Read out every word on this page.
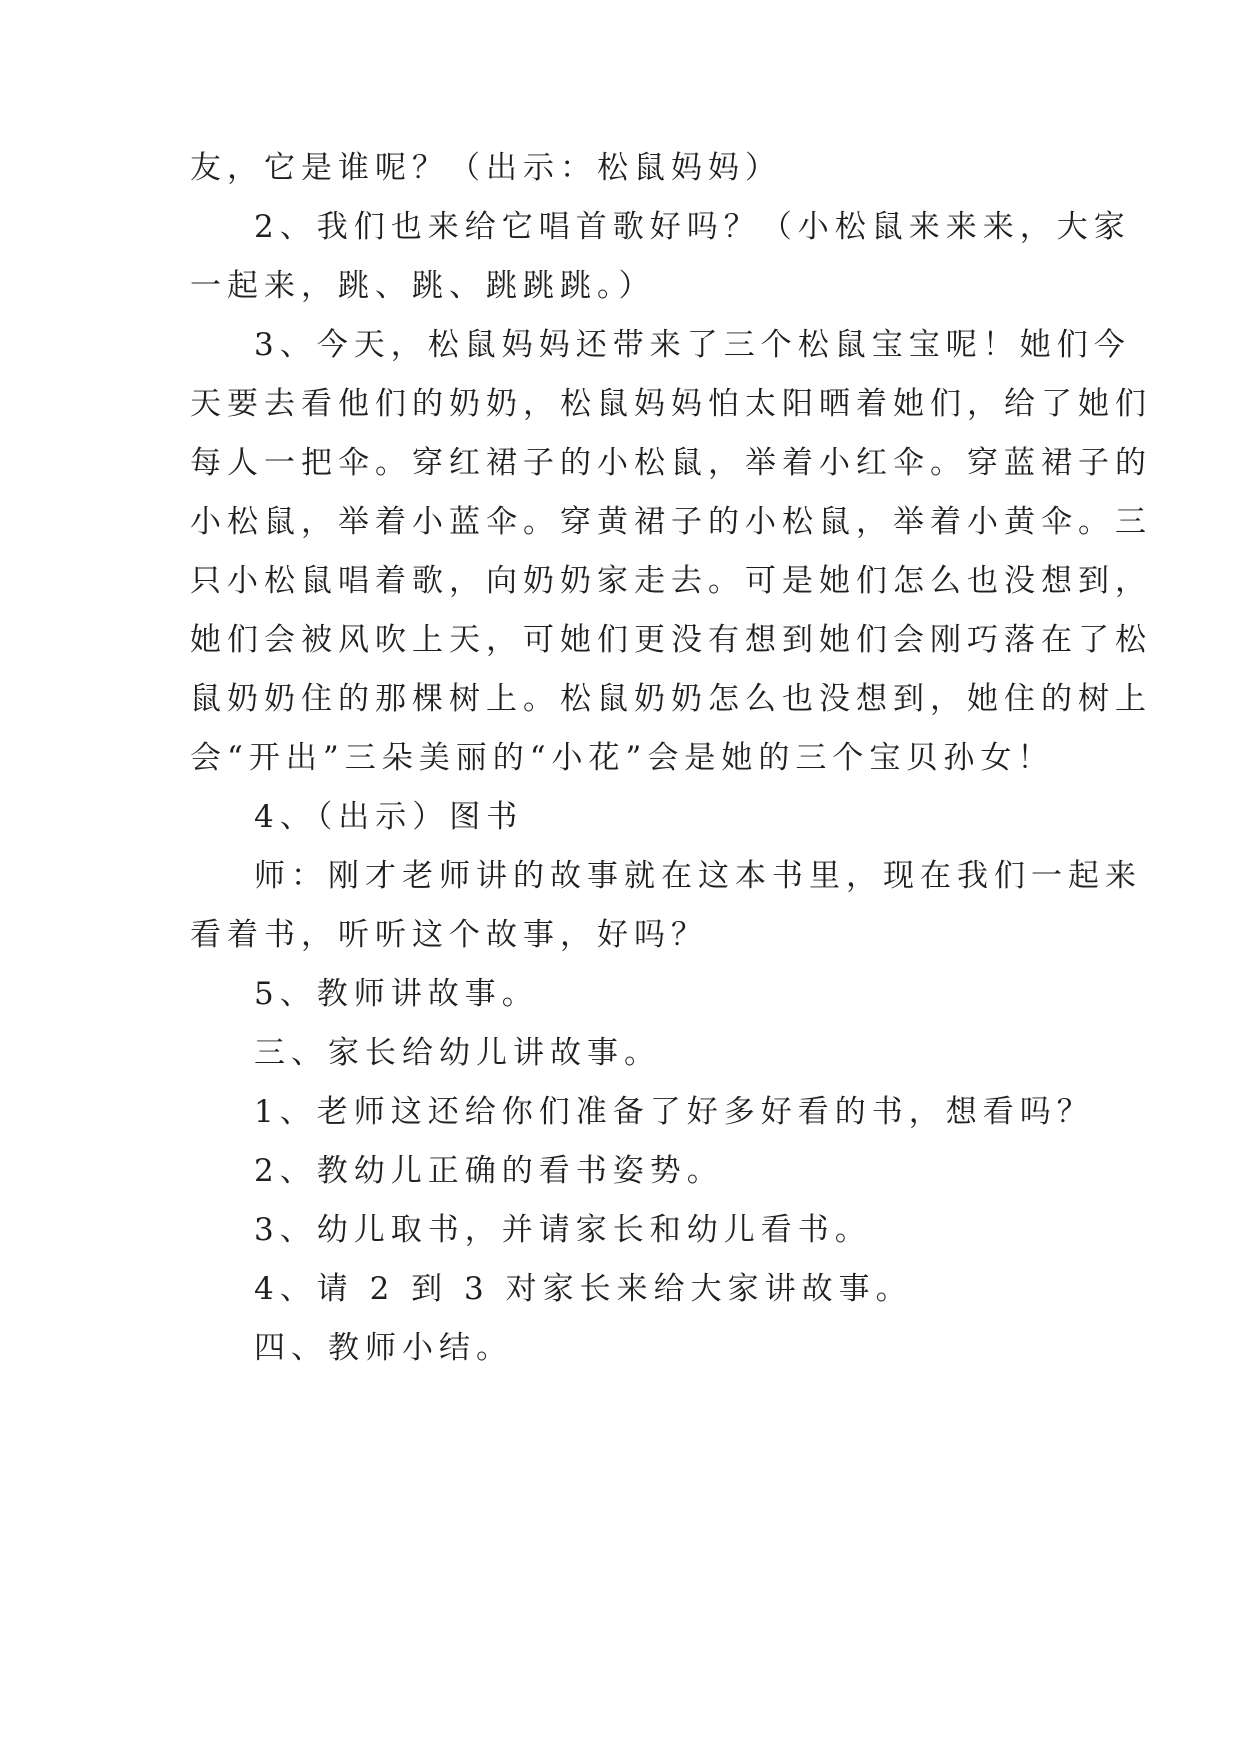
友，它是谁呢？（出示：松鼠妈妈）
2、我们也来给它唱首歌好吗？（小松鼠来来来，大家
一起来，跳、跳、跳跳跳。）
3、今天，松鼠妈妈还带来了三个松鼠宝宝呢！她们今
天要去看他们的奶奶，松鼠妈妈怕太阳晒着她们，给了她们
每人一把伞。穿红裙子的小松鼠，举着小红伞。穿蓝裙子的
小松鼠，举着小蓝伞。穿黄裙子的小松鼠，举着小黄伞。三
只小松鼠唱着歌，向奶奶家走去。可是她们怎么也没想到，
她们会被风吹上天，可她们更没有想到她们会刚巧落在了松
鼠奶奶住的那棵树上。松鼠奶奶怎么也没想到，她住的树上
会“开出”三朵美丽的“小花”会是她的三个宝贝孙女！
4、（出示）图书
师：刚才老师讲的故事就在这本书里，现在我们一起来
看着书，听听这个故事，好吗？
5、教师讲故事。
三、家长给幼儿讲故事。
1、老师这还给你们准备了好多好看的书，想看吗？
2、教幼儿正确的看书姿势。
3、幼儿取书，并请家长和幼儿看书。
4、请 2 到 3 对家长来给大家讲故事。
四、教师小结。
